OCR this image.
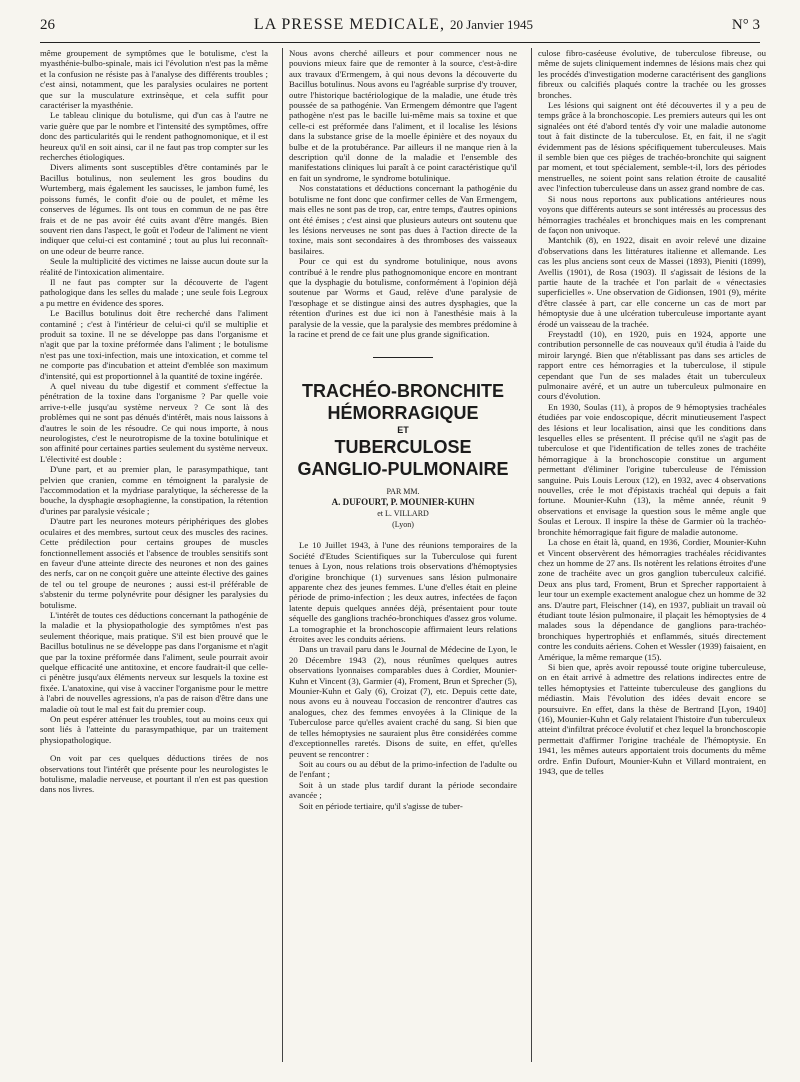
26	LA PRESSE MEDICALE, 20 Janvier 1945	N° 3

même groupement de symptômes que le botulisme, c'est la myasthénie-bulbo-spinale, mais ici l'évolution n'est pas la même et la confusion ne résiste pas à l'analyse des différents troubles ; c'est ainsi, notamment, que les paralysies oculaires ne portent que sur la musculature extrinsèque, et cela suffit pour caractériser la myasthénie.

Le tableau clinique du botulisme, qui d'un cas à l'autre ne varie guère que par le nombre et l'intensité des symptômes, offre donc des particularités qui le rendent pathognomonique, et il est heureux qu'il en soit ainsi, car il ne faut pas trop compter sur les recherches étiologiques.

Divers aliments sont susceptibles d'être contaminés par le Bacillus botulinus, non seulement les gros boudins du Wurtemberg, mais également les saucisses, le jambon fumé, les poissons fumés, le confit d'oie ou de poulet, et même les conserves de légumes. Ils ont tous en commun de ne pas être frais et de ne pas avoir été cuits avant d'être mangés. Bien souvent rien dans l'aspect, le goût et l'odeur de l'aliment ne vient indiquer que celui-ci est contaminé ; tout au plus lui reconnaît-on une odeur de beurre rance.

Seule la multiplicité des victimes ne laisse aucun doute sur la réalité de l'intoxication alimentaire.

Il ne faut pas compter sur la découverte de l'agent pathologique dans les selles du malade ; une seule fois Legroux a pu mettre en évidence des spores.

Le Bacillus botulinus doit être recherché dans l'aliment contaminé ; c'est à l'intérieur de celui-ci qu'il se multiplie et produit sa toxine. Il ne se développe pas dans l'organisme et n'agit que par la toxine préformée dans l'aliment ; le botulisme n'est pas une toxi-infection, mais une intoxication, et comme tel ne comporte pas d'incubation et atteint d'emblée son maximum d'intensité, qui est proportionnel à la quantité de toxine ingérée.

A quel niveau du tube digestif et comment s'effectue la pénétration de la toxine dans l'organisme ? Par quelle voie arrive-t-elle jusqu'au système nerveux ? Ce sont là des problèmes qui ne sont pas dénués d'intérêt, mais nous laissons à d'autres le soin de les résoudre. Ce qui nous importe, à nous neurologistes, c'est le neurotropisme de la toxine botulinique et son affinité pour certaines parties seulement du système nerveux. L'électivité est double :

D'une part, et au premier plan, le parasympathique, tant pelvien que cranien, comme en témoignent la paralysie de l'accommodation et la mydriase paralytique, la sécheresse de la bouche, la dysphagie œsophagienne, la constipation, la rétention d'urines par paralysie vésicale ;

D'autre part les neurones moteurs périphériques des globes oculaires et des membres, surtout ceux des muscles des racines. Cette prédilection pour certains groupes de muscles fonctionnellement associés et l'absence de troubles sensitifs sont en faveur d'une atteinte directe des neurones et non des gaines des nerfs, car on ne conçoit guère une atteinte élective des gaines de tel ou tel groupe de neurones ; aussi est-il préférable de s'abstenir du terme polynévrite pour désigner les paralysies du botulisme.

L'intérêt de toutes ces déductions concernant la pathogénie de la maladie et la physiopathologie des symptômes n'est pas seulement théorique, mais pratique. S'il est bien prouvé que le Bacillus botulinus ne se développe pas dans l'organisme et n'agit que par la toxine préformée dans l'aliment, seule pourrait avoir quelque efficacité une antitoxine, et encore faudrait-il que celle-ci pénètre jusqu'aux éléments nerveux sur lesquels la toxine est fixée. L'anatoxine, qui vise à vacciner l'organisme pour le mettre à l'abri de nouvelles agressions, n'a pas de raison d'être dans une maladie où tout le mal est fait du premier coup.

On peut espérer atténuer les troubles, tout au moins ceux qui sont liés à l'atteinte du parasympathique, par un traitement physiopathologique.

On voit par ces quelques déductions tirées de nos observations tout l'intérêt que présente pour les neurologistes le botulisme, maladie nerveuse, et pourtant il n'en est pas question dans nos livres.

Nous avons cherché ailleurs et pour commencer nous ne pouvions mieux faire que de remonter à la source, c'est-à-dire aux travaux d'Ermengem, à qui nous devons la découverte du Bacillus botulinus. Nous avons eu l'agréable surprise d'y trouver, outre l'historique bactériologique de la maladie, une étude très poussée de sa pathogénie. Van Ermengem démontre que l'agent pathogène n'est pas le bacille lui-même mais sa toxine et que celle-ci est préformée dans l'aliment, et il localise les lésions dans la substance grise de la moelle épinière et des noyaux du bulbe et de la protubérance. Par ailleurs il ne manque rien à la description qu'il donne de la maladie et l'ensemble des manifestations cliniques lui paraît à ce point caractéristique qu'il en fait un syndrome, le syndrome botulinique.

Nos constatations et déductions concernant la pathogénie du botulisme ne font donc que confirmer celles de Van Ermengem, mais elles ne sont pas de trop, car, entre temps, d'autres opinions ont été émises ; c'est ainsi que plusieurs auteurs ont soutenu que les lésions nerveuses ne sont pas dues à l'action directe de la toxine, mais sont secondaires à des thromboses des vaisseaux basilaires.

Pour ce qui est du syndrome botulinique, nous avons contribué à le rendre plus pathognomonique encore en montrant que la dysphagie du botulisme, conformément à l'opinion déjà soutenue par Worms et Gaud, relève d'une paralysie de l'œsophage et se distingue ainsi des autres dysphagies, que la rétention d'urines est due ici non à l'anesthésie mais à la paralysie de la vessie, que la paralysie des membres prédomine à la racine et prend de ce fait une plus grande signification.

TRACHÉO-BRONCHITE
HÉMORRAGIQUE
ET
TUBERCULOSE
GANGLIO-PULMONAIRE
PAR MM.
A. DUFOURT, P. MOUNIER-KUHN
et L. VILLARD
(Lyon)

Le 10 Juillet 1943, à l'une des réunions temporaires de la Société d'Etudes Scientifiques sur la Tuberculose qui furent tenues à Lyon, nous relations trois observations d'hémoptysies d'origine bronchique (1) survenues sans lésion pulmonaire apparente chez des jeunes femmes. L'une d'elles était en pleine période de primo-infection ; les deux autres, infectées de façon latente depuis quelques années déjà, présentaient pour toute séquelle des ganglions trachéo-bronchiques d'assez gros volume. La tomographie et la bronchoscopie affirmaient leurs relations étroites avec les conduits aériens.

Dans un travail paru dans le Journal de Médecine de Lyon, le 20 Décembre 1943 (2), nous réunîmes quelques autres observations lyonnaises comparables dues à Cordier, Mounier-Kuhn et Vincent (3), Garmier (4), Froment, Brun et Sprecher (5), Mounier-Kuhn et Galy (6), Croizat (7), etc. Depuis cette date, nous avons eu à nouveau l'occasion de rencontrer d'autres cas analogues, chez des femmes envoyées à la Clinique de la Tuberculose parce qu'elles avaient craché du sang. Si bien que de telles hémoptysies ne sauraient plus être considérées comme d'exceptionnelles raretés. Disons de suite, en effet, qu'elles peuvent se rencontrer :

Soit au cours ou au début de la primo-infection de l'adulte ou de l'enfant ;

Soit à un stade plus tardif durant la période secondaire avancée ;

Soit en période tertiaire, qu'il s'agisse de tuber-

culose fibro-caséeuse évolutive, de tuberculose fibreuse, ou même de sujets cliniquement indemnes de lésions mais chez qui les procédés d'investigation moderne caractérisent des ganglions fibreux ou calcifiés plaqués contre la trachée ou les grosses bronches.

Les lésions qui saignent ont été découvertes il y a peu de temps grâce à la bronchoscopie. Les premiers auteurs qui les ont signalées ont été d'abord tentés d'y voir une maladie autonome tout à fait distincte de la tuberculose. Et, en fait, il ne s'agit évidemment pas de lésions spécifiquement tuberculeuses. Mais il semble bien que ces pièges de trachéo-bronchite qui saignent par moment, et tout spécialement, semble-t-il, lors des périodes menstruelles, ne soient point sans relation étroite de causalité avec l'infection tuberculeuse dans un assez grand nombre de cas.

Si nous nous reportons aux publications antérieures nous voyons que différents auteurs se sont intéressés au processus des hémorragies trachéales et bronchiques mais en les comprenant de façon non univoque.

Mantchik (8), en 1922, disait en avoir relevé une dizaine d'observations dans les littératures italienne et allemande. Les cas les plus anciens sont ceux de Massei (1893), Pieniti (1899), Avellis (1901), de Rosa (1903). Il s'agissait de lésions de la partie haute de la trachée et l'on parlait de « vénectasies superficielles ». Une observation de Gidionsen, 1901 (9), mérite d'être classée à part, car elle concerne un cas de mort par hémoptysie due à une ulcération tuberculeuse importante ayant érodé un vaisseau de la trachée.

Freystadtl (10), en 1920, puis en 1924, apporte une contribution personnelle de cas nouveaux qu'il étudia à l'aide du miroir laryngé. Bien que n'établissant pas dans ses articles de rapport entre ces hémorragies et la tuberculose, il stipule cependant que l'un de ses malades était un tuberculeux pulmonaire avéré, et un autre un tuberculeux pulmonaire en cours d'évolution.

En 1930, Soulas (11), à propos de 9 hémoptysies trachéales étudiées par voie endoscopique, décrit minutieusement l'aspect des lésions et leur localisation, ainsi que les conditions dans lesquelles elles se présentent. Il précise qu'il ne s'agit pas de tuberculose et que l'identification de telles zones de trachéite hémorragique à la bronchoscopie constitue un argument permettant d'éliminer l'origine tuberculeuse de l'émission sanguine. Puis Louis Leroux (12), en 1932, avec 4 observations nouvelles, crée le mot d'épistaxis trachéal qui depuis a fait fortune. Mounier-Kuhn (13), la même année, réunit 9 observations et envisage la question sous le même angle que Soulas et Leroux. Il inspire la thèse de Garmier où la trachéo-bronchite hémorragique fait figure de maladie autonome.

La chose en était là, quand, en 1936, Cordier, Mounier-Kuhn et Vincent observèrent des hémorragies trachéales récidivantes chez un homme de 27 ans. Ils notèrent les relations étroites d'une zone de trachéite avec un gros ganglion tuberculeux calcifié. Deux ans plus tard, Froment, Brun et Sprecher rapportaient à leur tour un exemple exactement analogue chez un homme de 32 ans. D'autre part, Fleischner (14), en 1937, publiait un travail où étudiant toute lésion pulmonaire, il plaçait les hémoptysies de 4 malades sous la dépendance de ganglions para-trachéo-bronchiques hypertrophiés et enflammés, situés directement contre les conduits aériens. Cohen et Wessler (1939) faisaient, en Amérique, la même remarque (15).

Si bien que, après avoir repoussé toute origine tuberculeuse, on en était arrivé à admettre des relations indirectes entre de telles hémoptysies et l'atteinte tuberculeuse des ganglions du médiastin. Mais l'évolution des idées devait encore se poursuivre. En effet, dans la thèse de Bertrand [Lyon, 1940] (16), Mounier-Kuhn et Galy relataient l'histoire d'un tuberculeux atteint d'infiltrat précoce évolutif et chez lequel la bronchoscopie permettait d'affirmer l'origine trachéale de l'hémoptysie. En 1941, les mêmes auteurs apportaient trois documents du même ordre. Enfin Dufourt, Mounier-Kuhn et Villard montraient, en 1943, que de telles
